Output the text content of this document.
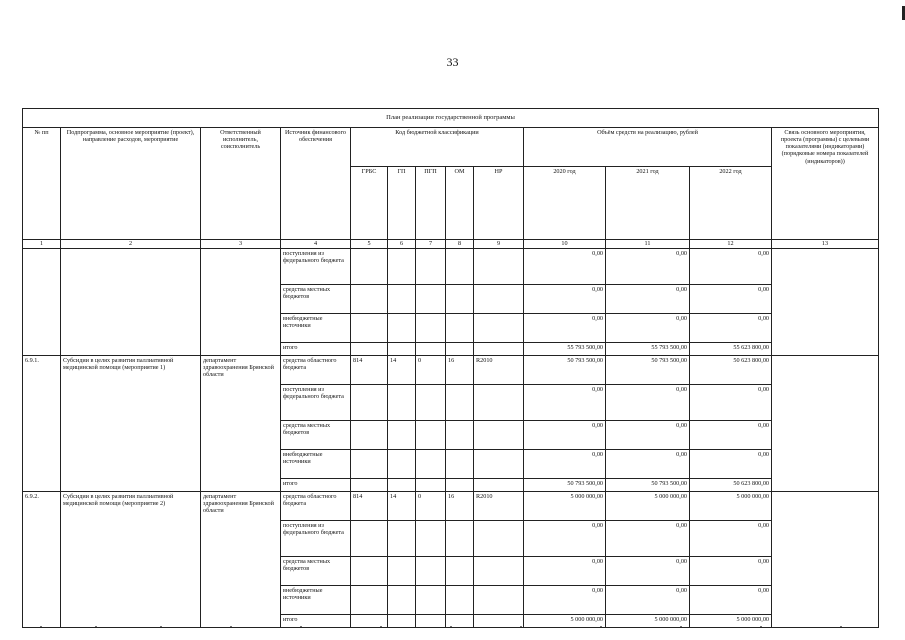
33
План реализации государственной программы												
№ пп	Подпрограмма, основное мероприятие (проект), направление расходов, мероприятие	Ответственный исполнитель, соисполнитель	Источник финансового обеспечения	Код бюджетной классификации					Объём средств на реализацию, рублей			Связь основного мероприятия, проекта (программы) с целевыми показателями (индикаторами) (порядковые номера показателей (индикаторов))
				ГРБС	ГП	ПГП	ОМ	НР	2020 год	2021 год	2022 год	
1	2	3	4	5	6	7	8	9	10	11	12	13
			поступления из федерального бюджета						0,00	0,00	0,00	
			средства местных бюджетов						0,00	0,00	0,00	
			внебюджетные источники						0,00	0,00	0,00	
			итого						55 793 500,00	55 793 500,00	55 623 800,00	
6.9.1.	Субсидии в целях развития паллиативной медицинской помощи (мероприятие 1)	департамент здравоохранения Брянской области	средства областного бюджета	814	14	0	16	R2010	50 793 500,00	50 793 500,00	50 623 800,00	
			поступления из федерального бюджета						0,00	0,00	0,00	
			средства местных бюджетов						0,00	0,00	0,00	
			внебюджетные источники						0,00	0,00	0,00	
			итого						50 793 500,00	50 793 500,00	50 623 800,00	
6.9.2.	Субсидии в целях развития паллиативной медицинской помощи (мероприятие 2)	департамент здравоохранения Брянской области	средства областного бюджета	814	14	0	16	R2010	5 000 000,00	5 000 000,00	5 000 000,00	
			поступления из федерального бюджета						0,00	0,00	0,00	
			средства местных бюджетов						0,00	0,00	0,00	
			внебюджетные источники						0,00	0,00	0,00	
			итого						5 000 000,00	5 000 000,00	5 000 000,00	
